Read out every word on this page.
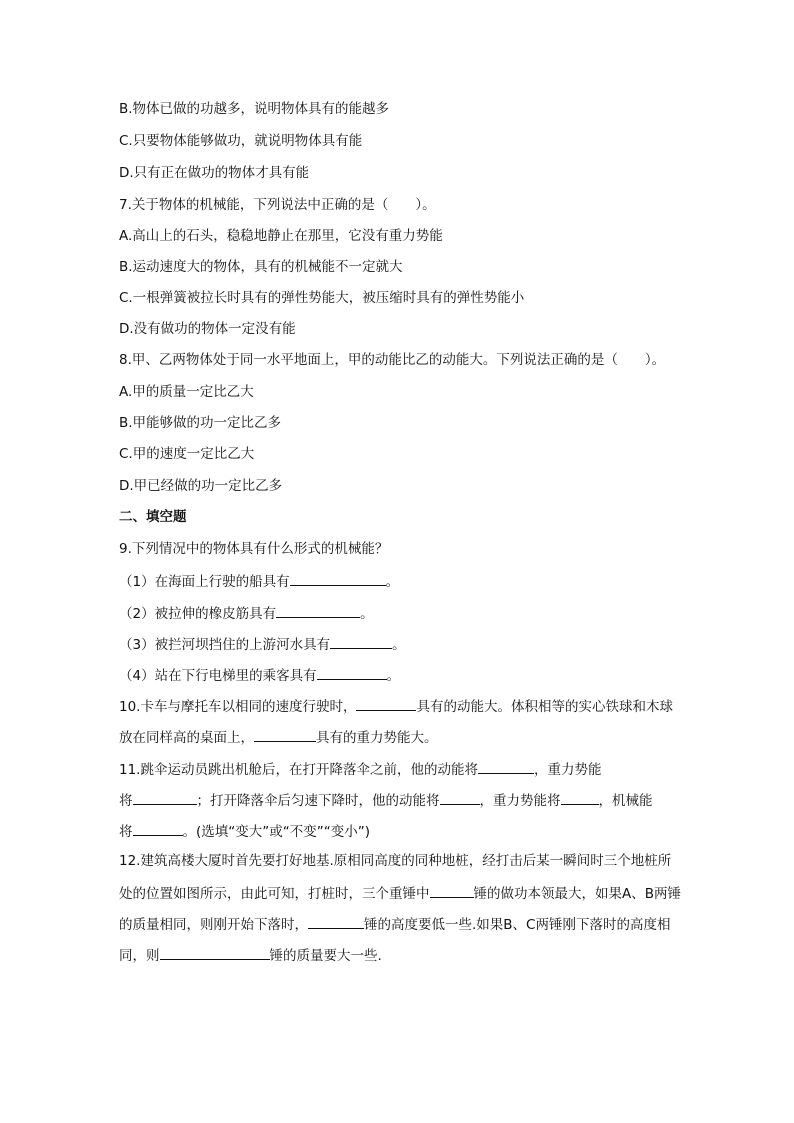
B.物体已做的功越多，说明物体具有的能越多
C.只要物体能够做功，就说明物体具有能
D.只有正在做功的物体才具有能
7.关于物体的机械能，下列说法中正确的是（　　）。
A.高山上的石头，稳稳地静止在那里，它没有重力势能
B.运动速度大的物体，具有的机械能不一定就大
C.一根弹簧被拉长时具有的弹性势能大，被压缩时具有的弹性势能小
D.没有做功的物体一定没有能
8.甲、乙两物体处于同一水平地面上，甲的动能比乙的动能大。下列说法正确的是（　　）。
A.甲的质量一定比乙大
B.甲能够做的功一定比乙多
C.甲的速度一定比乙大
D.甲已经做的功一定比乙多
二、填空题
9.下列情况中的物体具有什么形式的机械能？
（1）在海面上行驶的船具有	。
（2）被拉伸的橡皮筋具有	。
（3）被拦河坝挡住的上游河水具有	。
（4）站在下行电梯里的乘客具有	。
10.卡车与摩托车以相同的速度行驶时，	具有的动能大。体积相等的实心铁球和木球
放在同样高的桌面上，	具有的重力势能大。
11.跳伞运动员跳出机舱后，在打开降落伞之前，他的动能将	，重力势能
将	；打开降落伞后匀速下降时，他的动能将	，重力势能将	，机械能
将	。(选填“变大”或“不变”“变小”)
12.建筑高楼大厦时首先要打好地基.原相同高度的同种地桩，经打击后某一瞬间时三个地桩所
处的位置如图所示，由此可知，打桩时，三个重锤中	锤的做功本领最大，如果A、B两锤
的质量相同，则刚开始下落时，	锤的高度要低一些.如果B、C两锤刚下落时的高度相
同，则	锤的质量要大一些.
